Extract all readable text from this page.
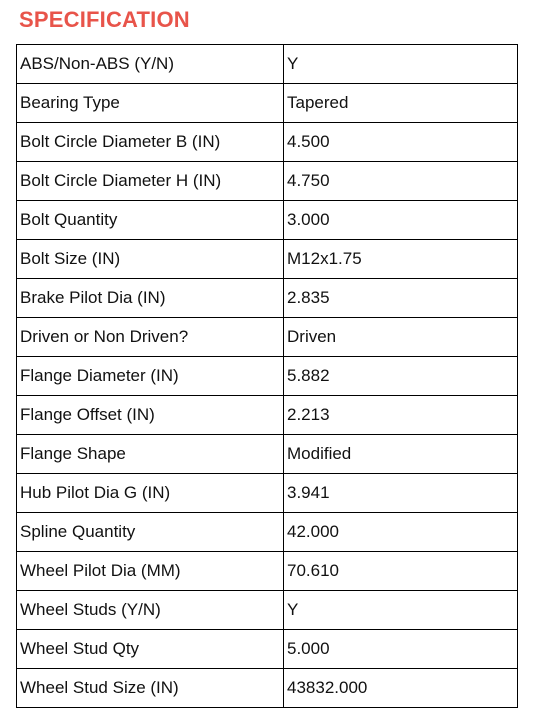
SPECIFICATION
ABS/Non-ABS (Y/N)	Y
Bearing Type	Tapered
Bolt Circle Diameter B (IN)	4.500
Bolt Circle Diameter H (IN)	4.750
Bolt Quantity	3.000
Bolt Size (IN)	M12x1.75
Brake Pilot Dia (IN)	2.835
Driven or Non Driven?	Driven
Flange Diameter (IN)	5.882
Flange Offset (IN)	2.213
Flange Shape	Modified
Hub Pilot Dia G (IN)	3.941
Spline Quantity	42.000
Wheel Pilot Dia (MM)	70.610
Wheel Studs (Y/N)	Y
Wheel Stud Qty	5.000
Wheel Stud Size (IN)	43832.000
